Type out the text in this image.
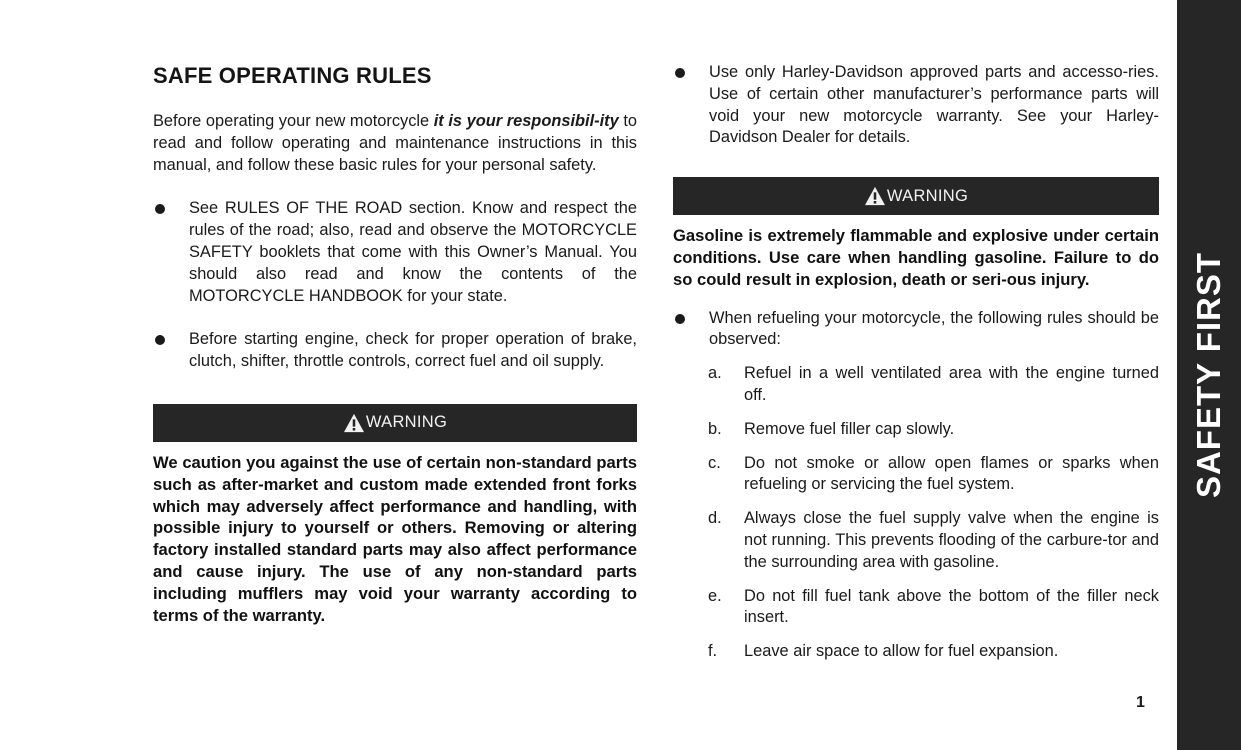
SAFE OPERATING RULES

Before operating your new motorcycle it is your responsibil-ity to read and follow operating and maintenance instructions in this manual, and follow these basic rules for your personal safety.

See RULES OF THE ROAD section. Know and respect the rules of the road; also, read and observe the MOTORCYCLE SAFETY booklets that come with this Owner’s Manual. You should also read and know the contents of the MOTORCYCLE HANDBOOK for your state.

Before starting engine, check for proper operation of brake, clutch, shifter, throttle controls, correct fuel and oil supply.

WARNING

We caution you against the use of certain non-standard parts such as after-market and custom made extended front forks which may adversely affect performance and handling, with possible injury to yourself or others. Removing or altering factory installed standard parts may also affect performance and cause injury. The use of any non-standard parts including mufflers may void your warranty according to terms of the warranty.

Use only Harley-Davidson approved parts and accesso-ries. Use of certain other manufacturer’s performance parts will void your new motorcycle warranty. See your Harley-Davidson Dealer for details.

WARNING

Gasoline is extremely flammable and explosive under certain conditions. Use care when handling gasoline. Failure to do so could result in explosion, death or seri-ous injury.

When refueling your motorcycle, the following rules should be observed:

a. Refuel in a well ventilated area with the engine turned off.

b. Remove fuel filler cap slowly.

c. Do not smoke or allow open flames or sparks when refueling or servicing the fuel system.

d. Always close the fuel supply valve when the engine is not running. This prevents flooding of the carbure-tor and the surrounding area with gasoline.

e. Do not fill fuel tank above the bottom of the filler neck insert.

f. Leave air space to allow for fuel expansion.

1
SAFETY FIRST
